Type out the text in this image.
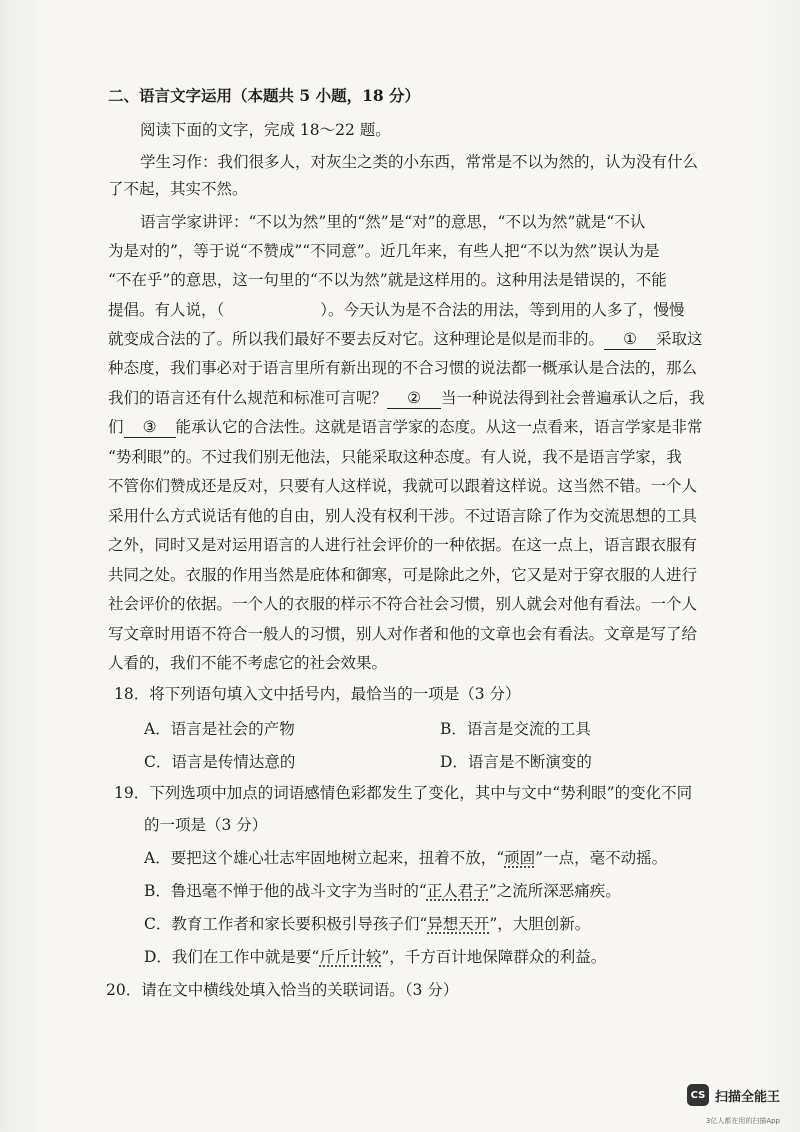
二、语言文字运用（本题共 5 小题，18 分）
阅读下面的文字，完成 18～22 题。
学生习作：我们很多人，对灰尘之类的小东西，常常是不以为然的，认为没有什么
了不起，其实不然。
语言学家讲评：“不以为然”里的“然”是“对”的意思，“不以为然”就是“不认
为是对的”，等于说“不赞成”“不同意”。近几年来，有些人把“不以为然”误认为是
“不在乎”的意思，这一句里的“不以为然”就是这样用的。这种用法是错误的，不能
提倡。有人说，（	）。今天认为是不合法的用法，等到用的人多了，慢慢
就变成合法的了。所以我们最好不要去反对它。这种理论是似是而非的。 ① 采取这
种态度，我们事必对于语言里所有新出现的不合习惯的说法都一概承认是合法的，那么
我们的语言还有什么规范和标准可言呢？ ② 当一种说法得到社会普遍承认之后，我
们 ③ 能承认它的合法性。这就是语言学家的态度。从这一点看来，语言学家是非常
“势利眼”的。不过我们别无他法，只能采取这种态度。有人说，我不是语言学家，我
不管你们赞成还是反对，只要有人这样说，我就可以跟着这样说。这当然不错。一个人
采用什么方式说话有他的自由，别人没有权利干涉。不过语言除了作为交流思想的工具
之外，同时又是对运用语言的人进行社会评价的一种依据。在这一点上，语言跟衣服有
共同之处。衣服的作用当然是庇体和御寒，可是除此之外，它又是对于穿衣服的人进行
社会评价的依据。一个人的衣服的样示不符合社会习惯，别人就会对他有看法。一个人
写文章时用语不符合一般人的习惯，别人对作者和他的文章也会有看法。文章是写了给
人看的，我们不能不考虑它的社会效果。
18．将下列语句填入文中括号内，最恰当的一项是（3 分）
A．语言是社会的产物	B．语言是交流的工具
C．语言是传情达意的	D．语言是不断演变的
19．下列选项中加点的词语感情色彩都发生了变化，其中与文中“势利眼”的变化不同
的一项是（3 分）
A．要把这个雄心壮志牢固地树立起来，扭着不放，“顽固”一点，毫不动摇。
B．鲁迅毫不惮于他的战斗文字为当时的“正人君子”之流所深恶痛疾。
C．教育工作者和家长要积极引导孩子们“异想天开”，大胆创新。
D．我们在工作中就是要“斤斤计较”，千方百计地保障群众的利益。
20．请在文中横线处填入恰当的关联词语。（3 分）
CS 扫描全能王
3亿人都在用的扫描App
